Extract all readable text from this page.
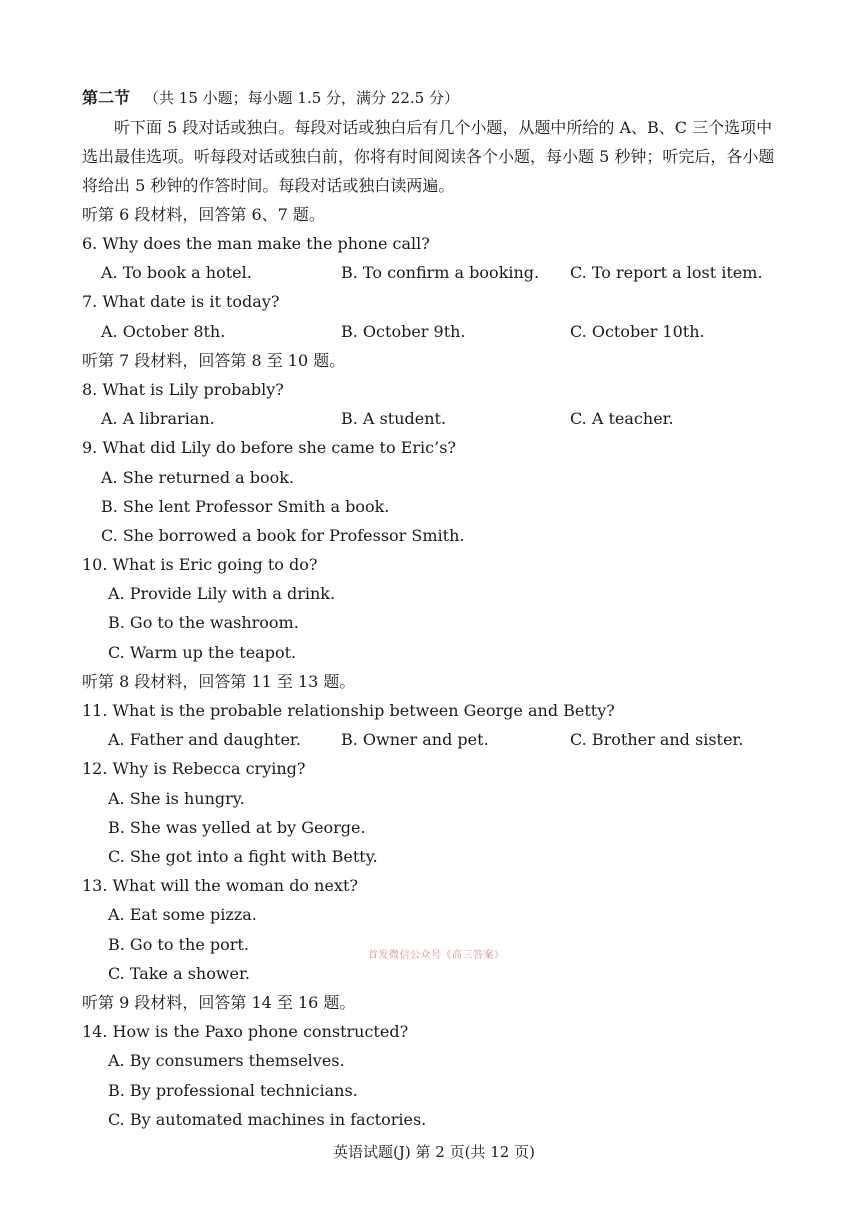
第二节 （共 15 小题；每小题 1.5 分，满分 22.5 分）
听下面 5 段对话或独白。每段对话或独白后有几个小题，从题中所给的 A、B、C 三个选项中
选出最佳选项。听每段对话或独白前，你将有时间阅读各个小题，每小题 5 秒钟；听完后，各小题
将给出 5 秒钟的作答时间。每段对话或独白读两遍。
听第 6 段材料，回答第 6、7 题。
6. Why does the man make the phone call?
A. To book a hotel.	B. To confirm a booking. C. To report a lost item.
7. What date is it today?
A. October 8th.	B. October 9th.	C. October 10th.
听第 7 段材料，回答第 8 至 10 题。
8. What is Lily probably?
A. A librarian.	B. A student.	C. A teacher.
9. What did Lily do before she came to Eric’s?
A. She returned a book.
B. She lent Professor Smith a book.
C. She borrowed a book for Professor Smith.
10. What is Eric going to do?
A. Provide Lily with a drink.
B. Go to the washroom.
C. Warm up the teapot.
听第 8 段材料，回答第 11 至 13 题。
11. What is the probable relationship between George and Betty?
A. Father and daughter.	B. Owner and pet.	C. Brother and sister.
12. Why is Rebecca crying?
A. She is hungry.
B. She was yelled at by George.
C. She got into a fight with Betty.
13. What will the woman do next?
A. Eat some pizza.
B. Go to the port.
C. Take a shower.
首发微信公众号《高三答案》
听第 9 段材料，回答第 14 至 16 题。
14. How is the Paxo phone constructed?
A. By consumers themselves.
B. By professional technicians.
C. By automated machines in factories.
英语试题(J) 第 2 页(共 12 页)
